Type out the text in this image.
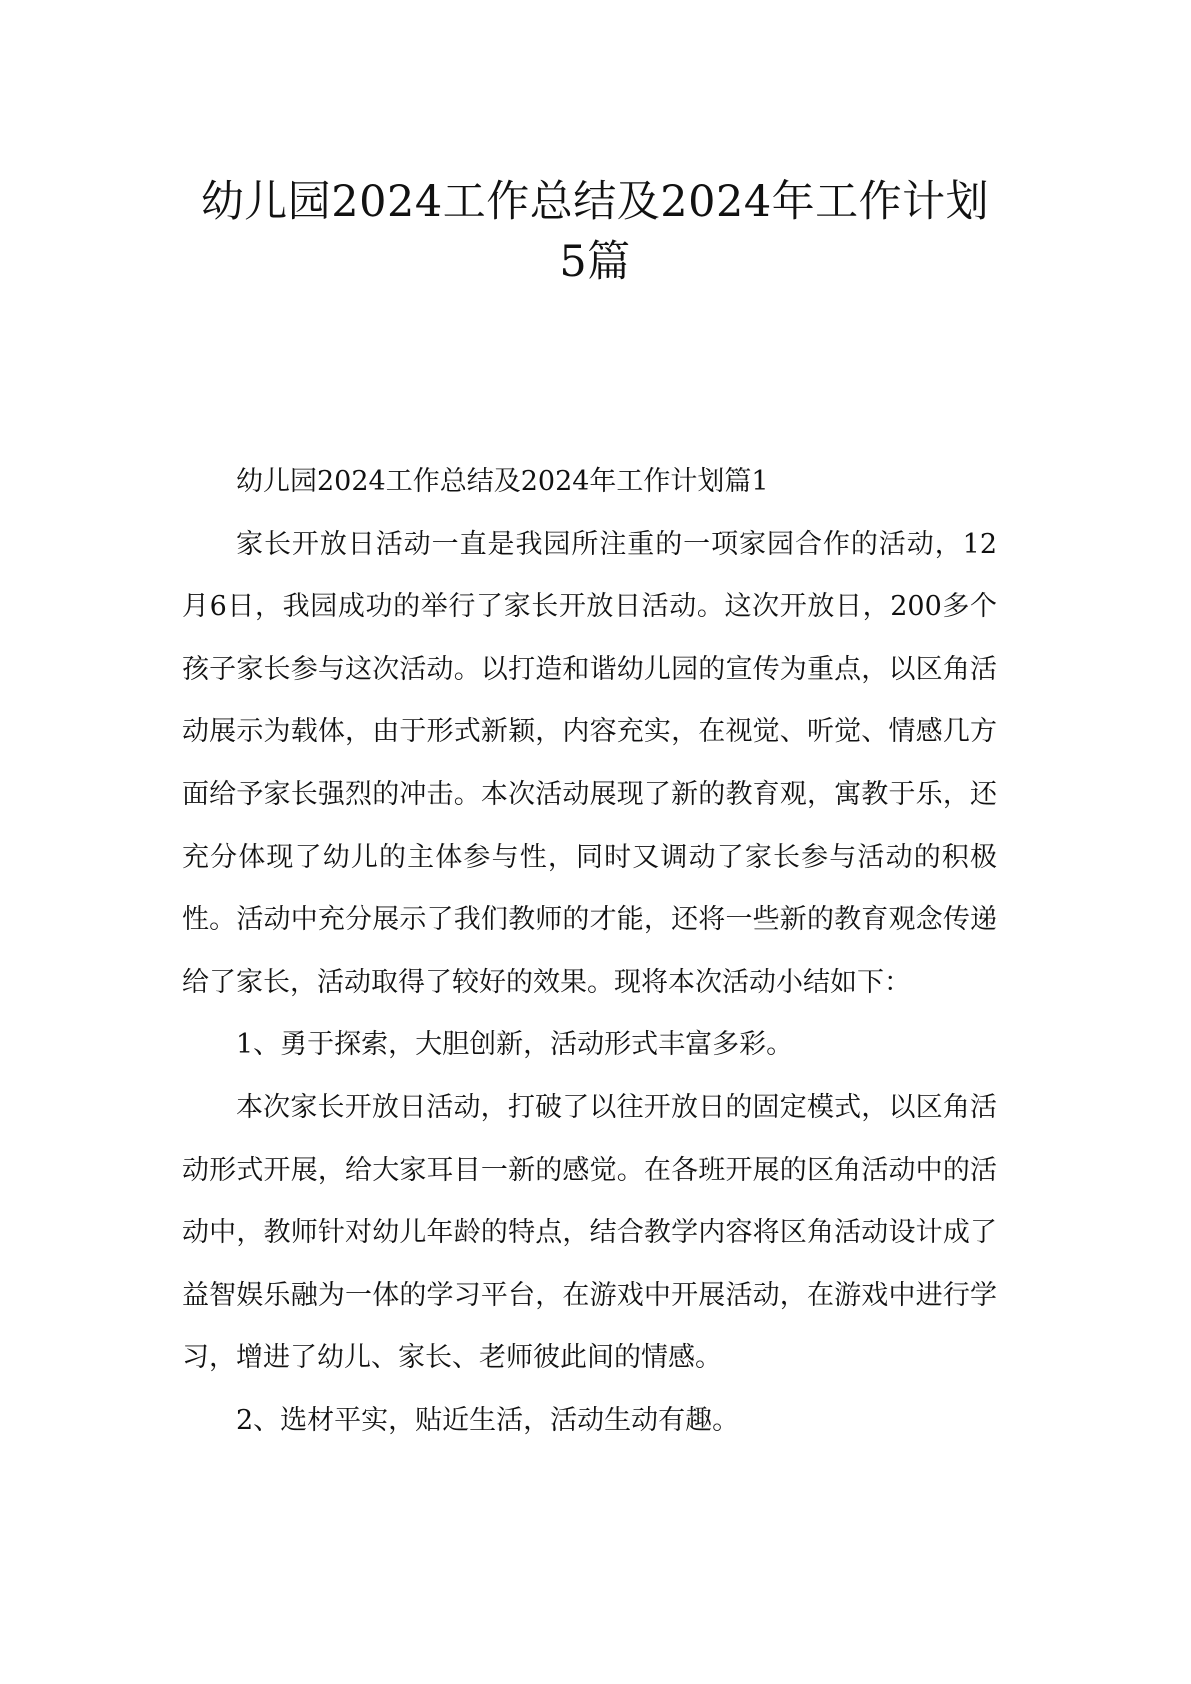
幼儿园2024工作总结及2024年工作计划
5篇

幼儿园2024工作总结及2024年工作计划篇1

家长开放日活动一直是我园所注重的一项家园合作的活动，12月6日，我园成功的举行了家长开放日活动。这次开放日，200多个孩子家长参与这次活动。以打造和谐幼儿园的宣传为重点，以区角活动展示为载体，由于形式新颖，内容充实，在视觉、听觉、情感几方面给予家长强烈的冲击。本次活动展现了新的教育观，寓教于乐，还充分体现了幼儿的主体参与性，同时又调动了家长参与活动的积极性。活动中充分展示了我们教师的才能，还将一些新的教育观念传递给了家长，活动取得了较好的效果。现将本次活动小结如下：

1、勇于探索，大胆创新，活动形式丰富多彩。

本次家长开放日活动，打破了以往开放日的固定模式，以区角活动形式开展，给大家耳目一新的感觉。在各班开展的区角活动中的活动中，教师针对幼儿年龄的特点，结合教学内容将区角活动设计成了益智娱乐融为一体的学习平台，在游戏中开展活动，在游戏中进行学习，增进了幼儿、家长、老师彼此间的情感。

2、选材平实，贴近生活，活动生动有趣。
